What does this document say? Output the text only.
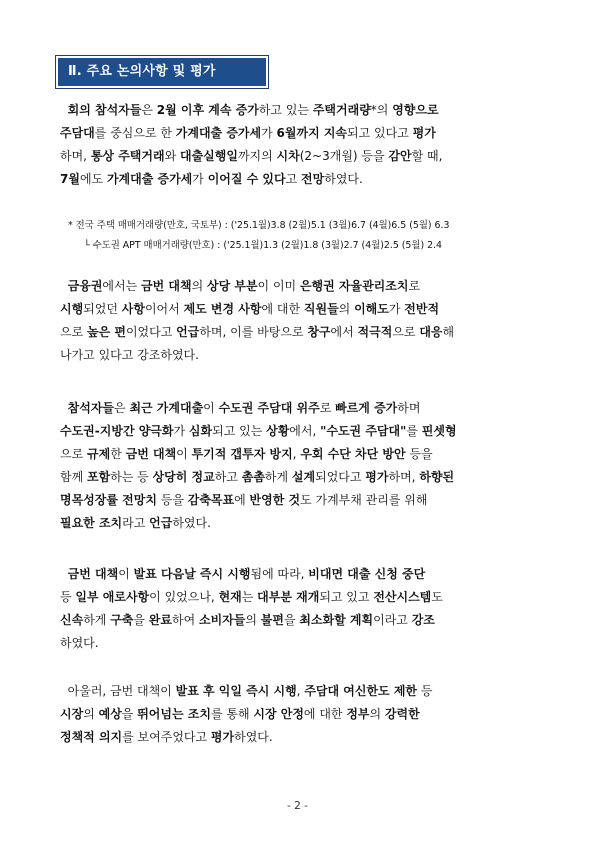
Ⅱ. 주요 논의사항 및 평가
회의 참석자들은 2월 이후 계속 증가하고 있는 주택거래량*의 영향으로
주담대를 중심으로 한 가계대출 증가세가 6월까지 지속되고 있다고 평가
하며, 통상 주택거래와 대출실행일까지의 시차(2~3개월) 등을 감안할 때,
7월에도 가계대출 증가세가 이어질 수 있다고 전망하였다.
* 전국 주택 매매거래량(만호, 국토부) : ('25.1월)3.8 (2월)5.1 (3월)6.7 (4월)6.5 (5월) 6.3
└ 수도권 APT 매매거래량(만호) : ('25.1월)1.3 (2월)1.8 (3월)2.7 (4월)2.5 (5월) 2.4
금융권에서는 금번 대책의 상당 부분이 이미 은행권 자율관리조치로
시행되었던 사항이어서 제도 변경 사항에 대한 직원들의 이해도가 전반적
으로 높은 편이었다고 언급하며, 이를 바탕으로 창구에서 적극적으로 대응해
나가고 있다고 강조하였다.
참석자들은 최근 가계대출이 수도권 주담대 위주로 빠르게 증가하며
수도권-지방간 양극화가 심화되고 있는 상황에서, "수도권 주담대"를 핀셋형
으로 규제한 금번 대책이 투기적 갭투자 방지, 우회 수단 차단 방안 등을
함께 포함하는 등 상당히 정교하고 촘촘하게 설계되었다고 평가하며, 하향된
명목성장률 전망치 등을 감축목표에 반영한 것도 가계부채 관리를 위해
필요한 조치라고 언급하였다.
금번 대책이 발표 다음날 즉시 시행됨에 따라, 비대면 대출 신청 중단
등 일부 애로사항이 있었으나, 현재는 대부분 재개되고 있고 전산시스템도
신속하게 구축을 완료하여 소비자들의 불편을 최소화할 계획이라고 강조
하였다.
아울러, 금번 대책이 발표 후 익일 즉시 시행, 주담대 여신한도 제한 등
시장의 예상을 뛰어넘는 조치를 통해 시장 안정에 대한 정부의 강력한
정책적 의지를 보여주었다고 평가하였다.
- 2 -
